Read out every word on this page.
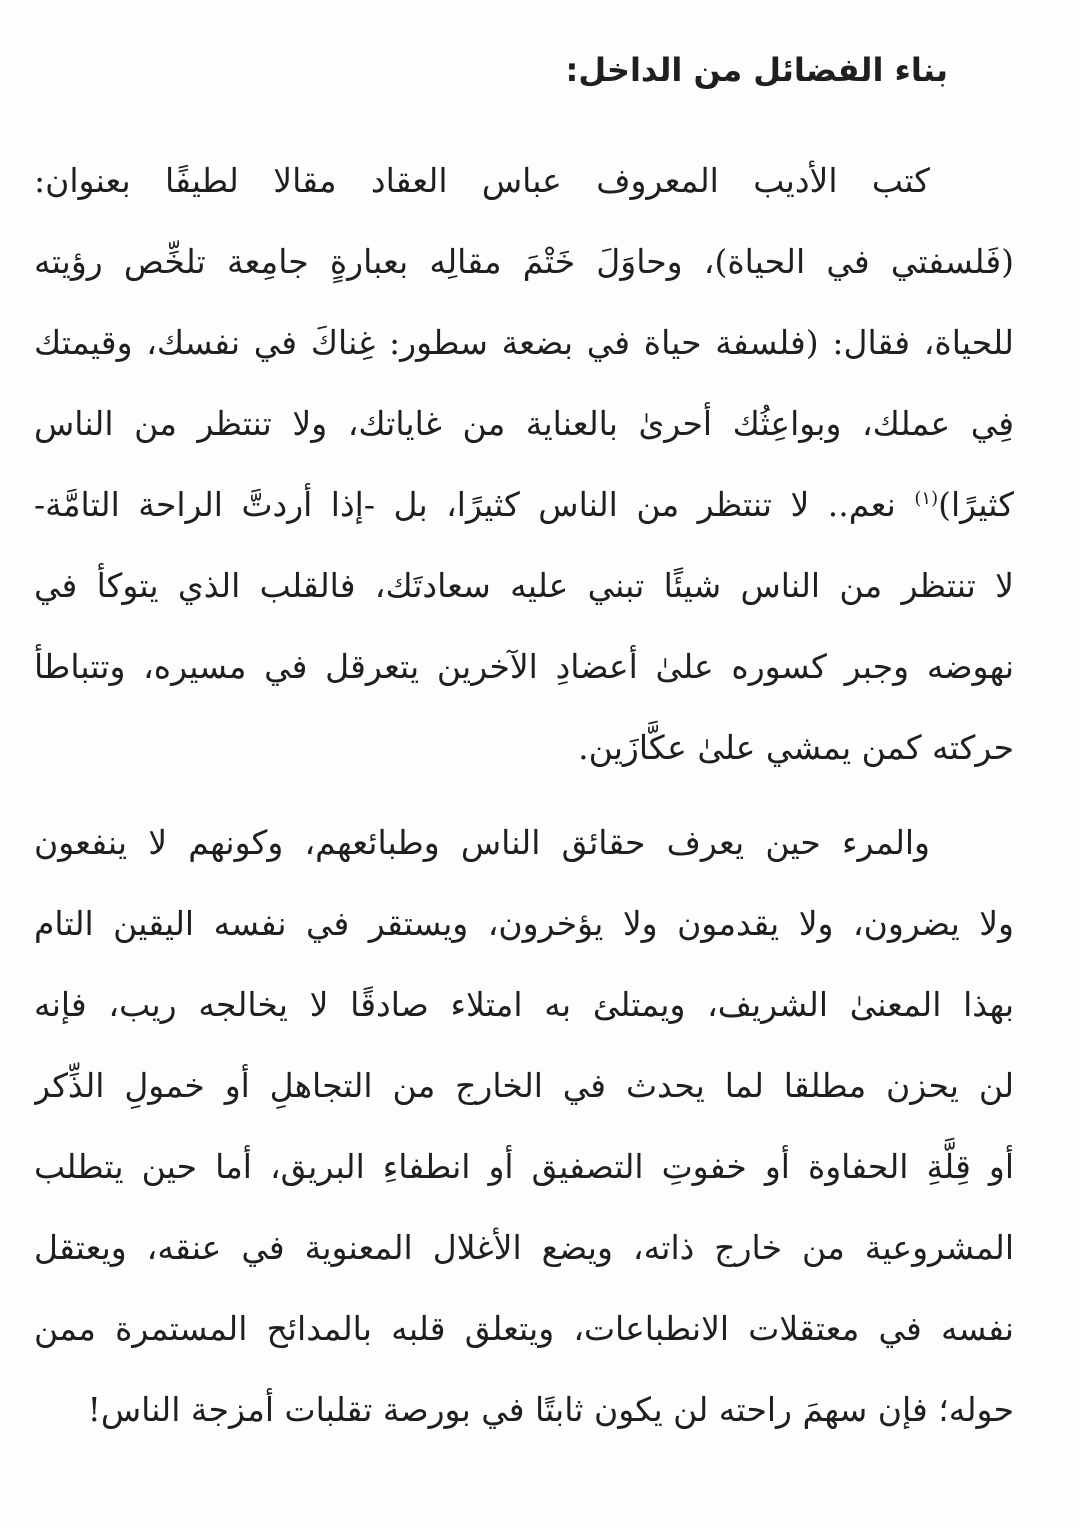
بناء الفضائل من الداخل:
كتب الأديب المعروف عباس العقاد مقالا لطيفًا بعنوان:
(فَلسفتي في الحياة)، وحاوَلَ خَتْمَ مقالِه بعبارةٍ جامِعة تلخِّص رؤيته
للحياة، فقال: (فلسفة حياة في بضعة سطور: غِناكَ في نفسك، وقيمتك
فِي عملك، وبواعِثُك أحرىٰ بالعناية من غاياتك، ولا تنتظر من الناس
كثيرًا)$^{(١)}$ نعم.. لا تنتظر من الناس كثيرًا، بل -إذا أردتَّ الراحة التامَّة-
لا تنتظر من الناس شيئًا تبني عليه سعادتَك، فالقلب الذي يتوكأ في
نهوضه وجبر كسوره علىٰ أعضادِ الآخرين يتعرقل في مسيره، وتتباطأ
حركته كمن يمشي علىٰ عكَّازَين.
والمرء حين يعرف حقائق الناس وطبائعهم، وكونهم لا ينفعون
ولا يضرون، ولا يقدمون ولا يؤخرون، ويستقر في نفسه اليقين التام
بهذا المعنىٰ الشريف، ويمتلئ به امتلاء صادقًا لا يخالجه ريب، فإنه
لن يحزن مطلقا لما يحدث في الخارج من التجاهلِ أو خمولِ الذِّكر
أو قِلَّةِ الحفاوة أو خفوتِ التصفيق أو انطفاءِ البريق، أما حين يتطلب
المشروعية من خارج ذاته، ويضع الأغلال المعنوية في عنقه، ويعتقل
نفسه في معتقلات الانطباعات، ويتعلق قلبه بالمدائح المستمرة ممن
حوله؛ فإن سهمَ راحته لن يكون ثابتًا في بورصة تقلبات أمزجة الناس!
